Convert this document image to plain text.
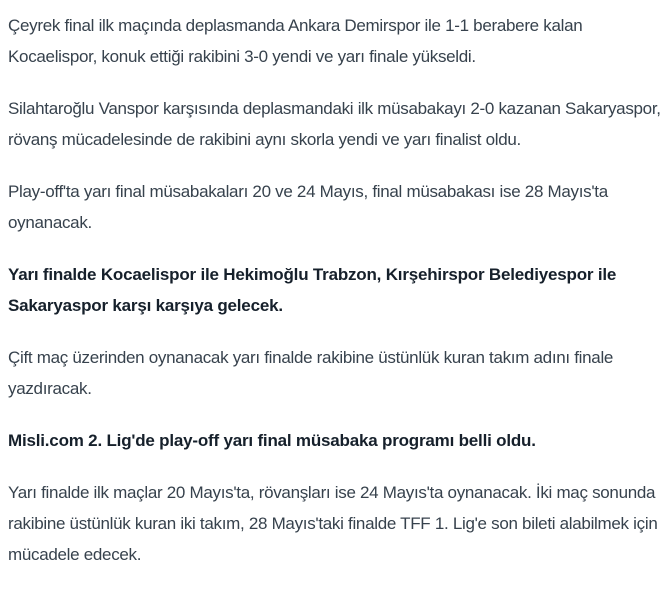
Çeyrek final ilk maçında deplasmanda Ankara Demirspor ile 1-1 berabere kalan Kocaelispor, konuk ettiği rakibini 3-0 yendi ve yarı finale yükseldi.

Silahtaroğlu Vanspor karşısında deplasmandaki ilk müsabakayı 2-0 kazanan Sakaryaspor, rövanş mücadelesinde de rakibini aynı skorla yendi ve yarı finalist oldu.

Play-off'ta yarı final müsabakaları 20 ve 24 Mayıs, final müsabakası ise 28 Mayıs'ta oynanacak.

Yarı finalde Kocaelispor ile Hekimoğlu Trabzon, Kırşehirspor Belediyespor ile Sakaryaspor karşı karşıya gelecek.

Çift maç üzerinden oynanacak yarı finalde rakibine üstünlük kuran takım adını finale yazdıracak.

Misli.com 2. Lig'de play-off yarı final müsabaka programı belli oldu.

Yarı finalde ilk maçlar 20 Mayıs'ta, rövanşları ise 24 Mayıs'ta oynanacak. İki maç sonunda rakibine üstünlük kuran iki takım, 28 Mayıs'taki finalde TFF 1. Lig'e son bileti alabilmek için mücadele edecek.
